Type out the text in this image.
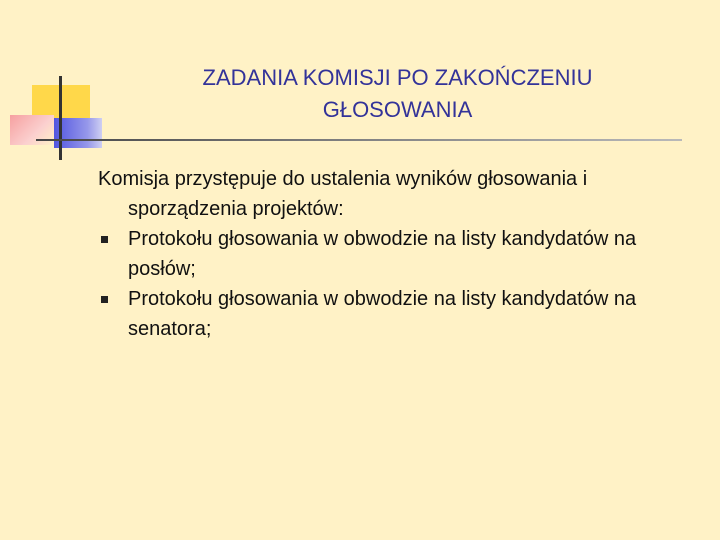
ZADANIA KOMISJI PO ZAKOŃCZENIU
GŁOSOWANIA
Komisja przystępuje do ustalenia wyników głosowania i sporządzenia projektów:
Protokołu głosowania w obwodzie na listy kandydatów na posłów;
Protokołu głosowania w obwodzie na listy kandydatów na senatora;
